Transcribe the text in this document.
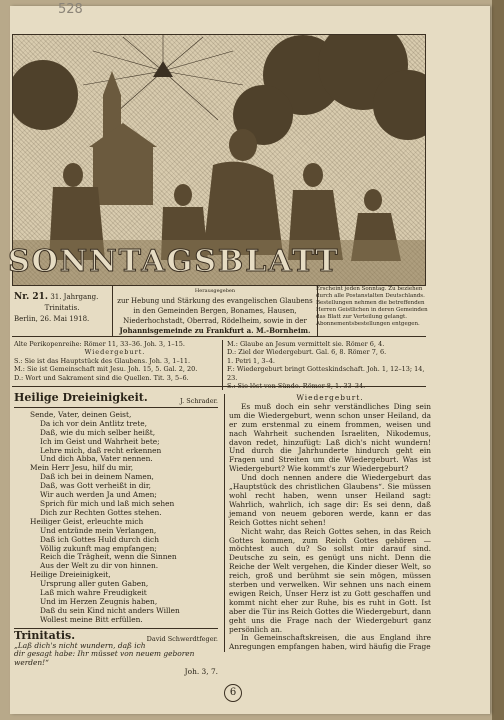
528
SONNTAGSBLATT
Nr. 21. 31. Jahrgang.
Trinitatis.
Berlin, 26. Mai 1918.
Herausgegeben
zur Hebung und Stärkung des evangelischen Glaubens
in den Gemeinden Bergen, Bonames, Hausen,
Niederhochstadt, Oberrad, Rödelheim, sowie in der
Johannisgemeinde zu Frankfurt a. M.-Bornheim.
Erscheint jeden Sonntag. Zu beziehen durch alle Postanstalten Deutschlands. Bestellungen nehmen die betreffenden Herren Geistlichen in deren Gemeinden das Blatt zur Verteilung gelangt. Abonnementsbestellungen entgegen.
Alte Perikopenreihe: Römer 11, 33–36. Joh. 3, 1–15.
Wiedergeburt.
S.: Sie ist das Hauptstück des Glaubens. Joh. 3, 1–11.
M.: Sie ist Gemeinschaft mit Jesu. Joh. 15, 5. Gal. 2, 20.
D.: Wort und Sakrament sind die Quellen. Tit. 3, 5–6.
M.: Glaube an Jesum vermittelt sie. Römer 6, 4.
D.: Ziel der Wiedergeburt. Gal. 6, 8. Römer 7, 6.
1. Petri 1, 3–4.
F.: Wiedergeburt bringt Gotteskindschaft. Joh. 1, 12–13; 14, 23.
S.: Sie löst von Sünde. Römer 8, 1. 33–34.
Heilige Dreieinigkeit.	J. Schrader.

Sende, Vater, deinen Geist,

Da ich vor dein Antlitz trete,

Daß, wie du mich selber heißt,

Ich im Geist und Wahrheit bete;

Lehre mich, daß recht erkennen

Und dich Abba, Vater nennen.

Mein Herr Jesu, hilf du mir,

Daß ich bei in deinem Namen,

Daß, was Gott verheißt in dir,

Wir auch werden Ja und Amen;

Sprich für mich und laß mich sehen

Dich zur Rechten Gottes stehen.

Heiliger Geist, erleuchte mich

Und entzünde mein Verlangen,

Daß ich Gottes Huld durch dich

Völlig zukunft mag empfangen;

Reich die Trägheit, wenn die Sinnen

Aus der Welt zu dir von hinnen.

Heilige Dreieinigkeit,

Ursprung aller guten Gaben,

Laß mich wahre Freudigkeit

Und im Herzen Zeugnis haben,

Daß du sein Kind nicht anders Willen

Wollest meine Bitt erfüllen.

Trinitatis.	David Schwerdtfeger.
„Laß dich's nicht wundern, daß ich dir gesagt habe: Ihr müsset von neuem geboren werden!“
Joh. 3, 7.
Wiedergeburt.

Es muß doch ein sehr verständliches Ding sein um die Wiedergeburt, wenn schon unser Heiland, da er zum erstenmal zu einem frommen, weisen und nach Wahrheit suchenden Israeliten, Nikodemus, davon redet, hinzufügt: Laß dich's nicht wundern! Und durch die Jahrhunderte hindurch geht ein Fragen und Streiten um die Wiedergeburt. Was ist Wiedergeburt? Wie kommt's zur Wiedergeburt?

Und doch nennen andere die Wiedergeburt das „Hauptstück des christlichen Glaubens“. Sie müssen wohl recht haben, wenn unser Heiland sagt: Wahrlich, wahrlich, ich sage dir: Es sei denn, daß jemand von neuem geboren werde, kann er das Reich Gottes nicht sehen!

Nicht wahr, das Reich Gottes sehen, in das Reich Gottes kommen, zum Reich Gottes gehören — möchtest auch du? So sollst mir darauf sind. Deutsche zu sein, es genügt uns nicht. Denn die Reiche der Welt vergehen, die Kinder dieser Welt, so reich, groß und berühmt sie sein mögen, müssen sterben und verwelken. Wir sehnen uns nach einem ewigen Reich, Unser Herz ist zu Gott geschaffen und kommt nicht eher zur Ruhe, bis es ruht in Gott. Ist aber die Tür ins Reich Gottes die Wiedergeburt, dann geht uns die Frage nach der Wiedergeburt ganz persönlich an.

In Gemeinschaftskreisen, die aus England ihre Anregungen empfangen haben, wird häufig die Frage

6
